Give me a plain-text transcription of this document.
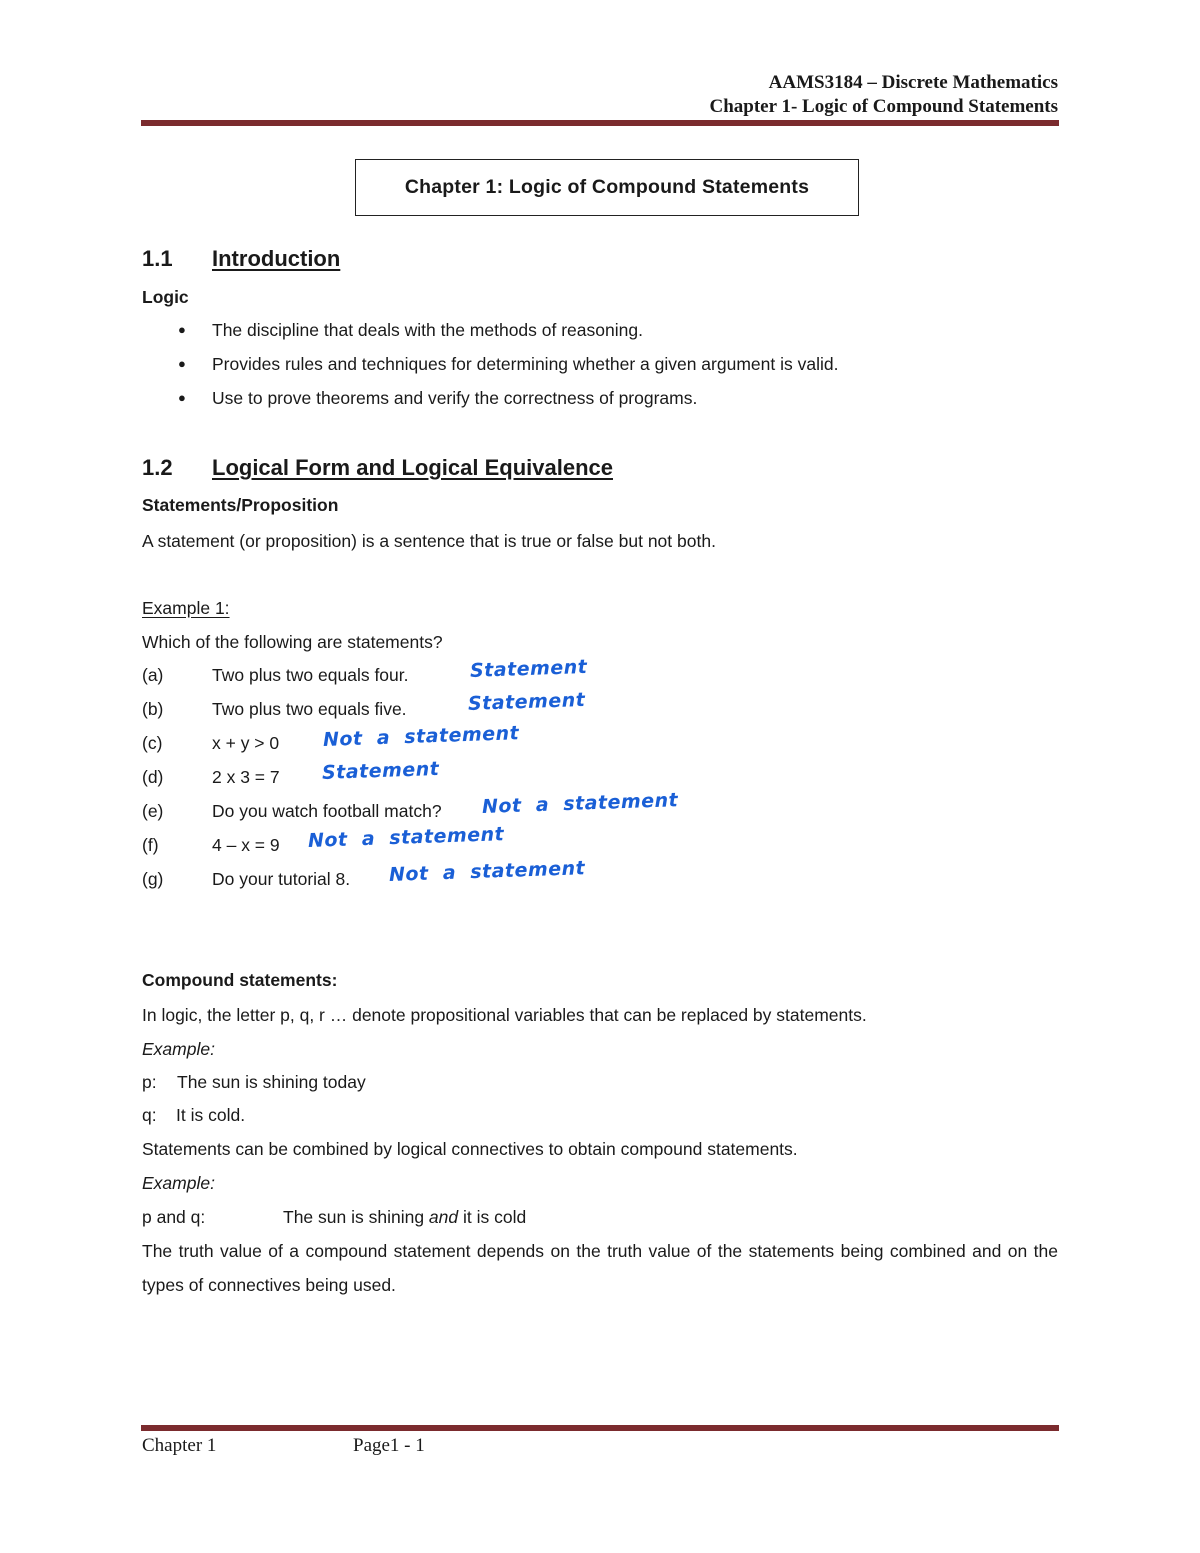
AAMS3184 – Discrete Mathematics
Chapter 1- Logic of Compound Statements
Chapter 1: Logic of Compound Statements
1.1 Introduction
Logic
● The discipline that deals with the methods of reasoning.
● Provides rules and techniques for determining whether a given argument is valid.
● Use to prove theorems and verify the correctness of programs.
1.2 Logical Form and Logical Equivalence
Statements/Proposition
A statement (or proposition) is a sentence that is true or false but not both.
Example 1:
Which of the following are statements?
(a)	Two plus two equals four.	Statement
(b)	Two plus two equals five.	Statement
(c)	x + y > 0 Not  a  statement
(d)	2 x 3 = 7 Statement
(e)	Do you watch football match? Not  a  statement
(f)	4 – x = 9 Not  a  statement
(g)	Do your tutorial 8. Not  a  statement
Compound statements:
In logic, the letter p, q, r … denote propositional variables that can be replaced by statements.
Example:
p: The sun is shining today
q: It is cold.
Statements can be combined by logical connectives to obtain compound statements.
Example:
p and q:	The sun is shining and it is cold
The truth value of a compound statement depends on the truth value of the statements being combined and on the types of connectives being used.
Chapter 1	Page1 - 1
